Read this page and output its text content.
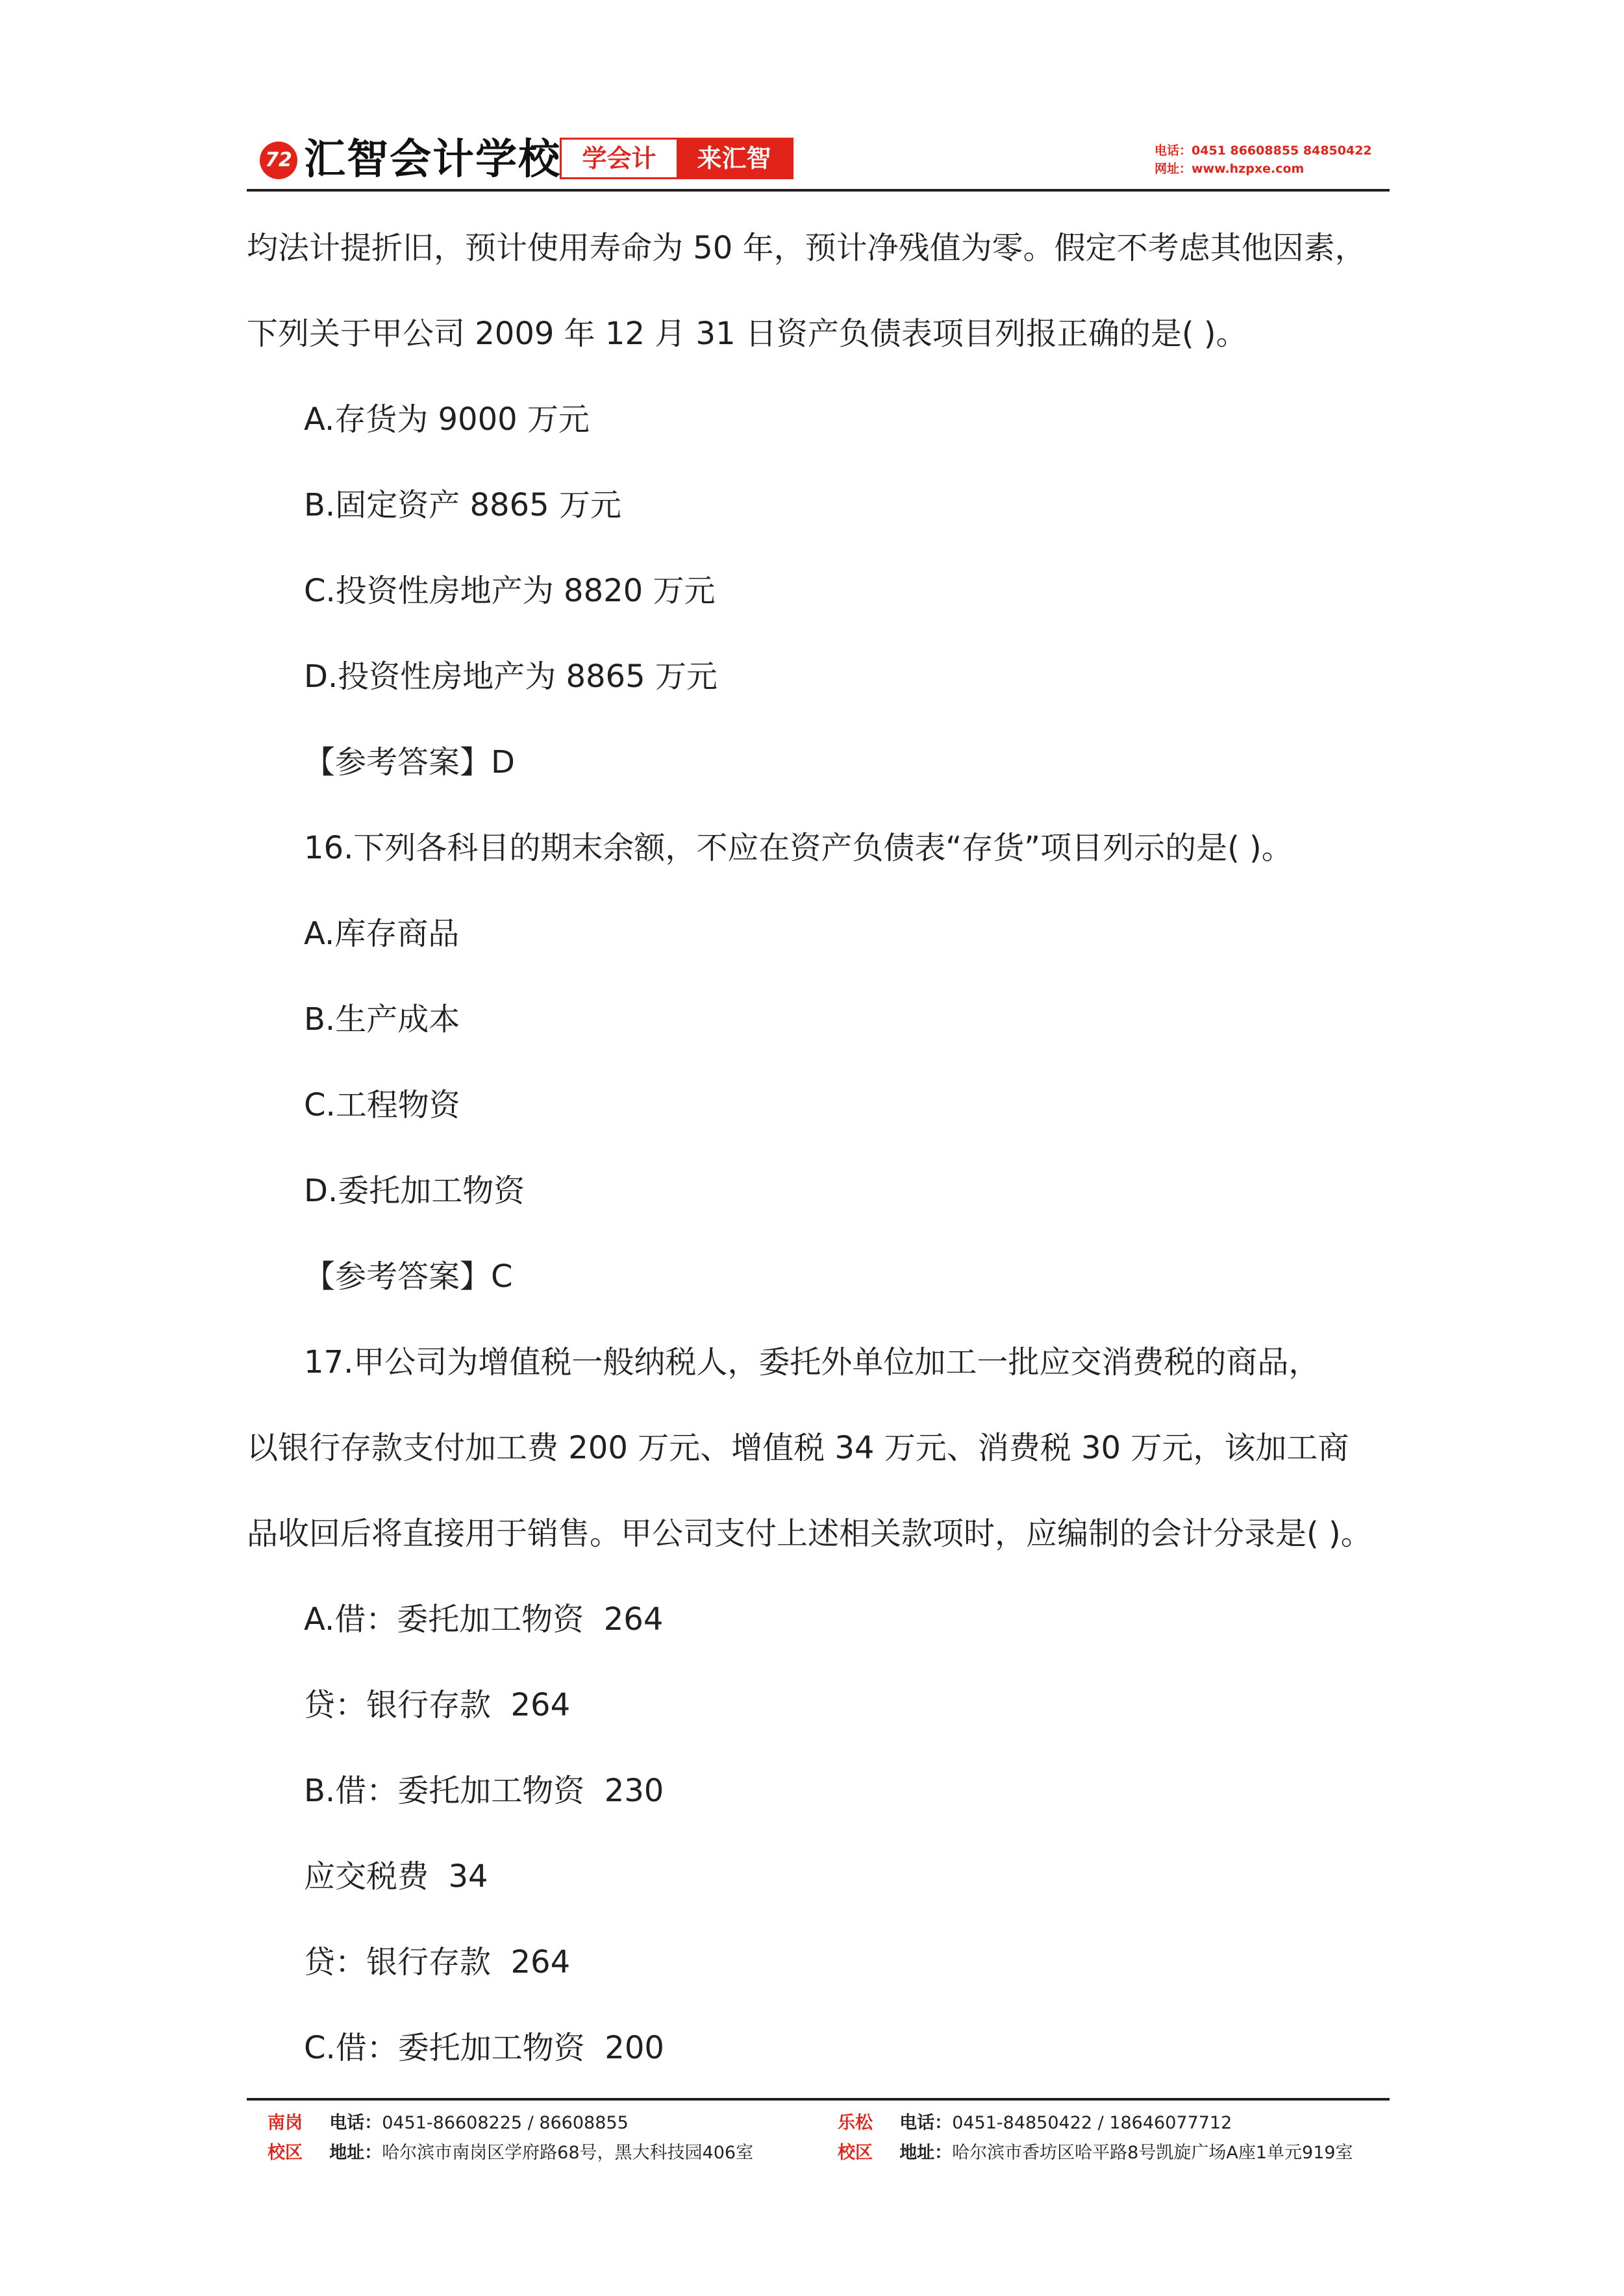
72 汇智会计学校 学会计	来汇智	电话：0451 86608855 84850422
网址：www.hzpxe.com
均法计提折旧，预计使用寿命为 50 年，预计净残值为零。假定不考虑其他因素，
下列关于甲公司 2009 年 12 月 31 日资产负债表项目列报正确的是( )。
A.存货为 9000 万元
B.固定资产 8865 万元
C.投资性房地产为 8820 万元
D.投资性房地产为 8865 万元
【参考答案】D
16.下列各科目的期末余额，不应在资产负债表“存货”项目列示的是( )。
A.库存商品
B.生产成本
C.工程物资
D.委托加工物资
【参考答案】C
17.甲公司为增值税一般纳税人，委托外单位加工一批应交消费税的商品，
以银行存款支付加工费 200 万元、增值税 34 万元、消费税 30 万元，该加工商
品收回后将直接用于销售。甲公司支付上述相关款项时，应编制的会计分录是( )。
A.借：委托加工物资  264
贷：银行存款  264
B.借：委托加工物资  230
应交税费  34
贷：银行存款  264
C.借：委托加工物资  200
南岗 电话：0451-86608225 / 86608855
校区 地址：哈尔滨市南岗区学府路68号，黑大科技园406室
乐松 电话：0451-84850422 / 18646077712
校区 地址：哈尔滨市香坊区哈平路8号凯旋广场A座1单元919室
